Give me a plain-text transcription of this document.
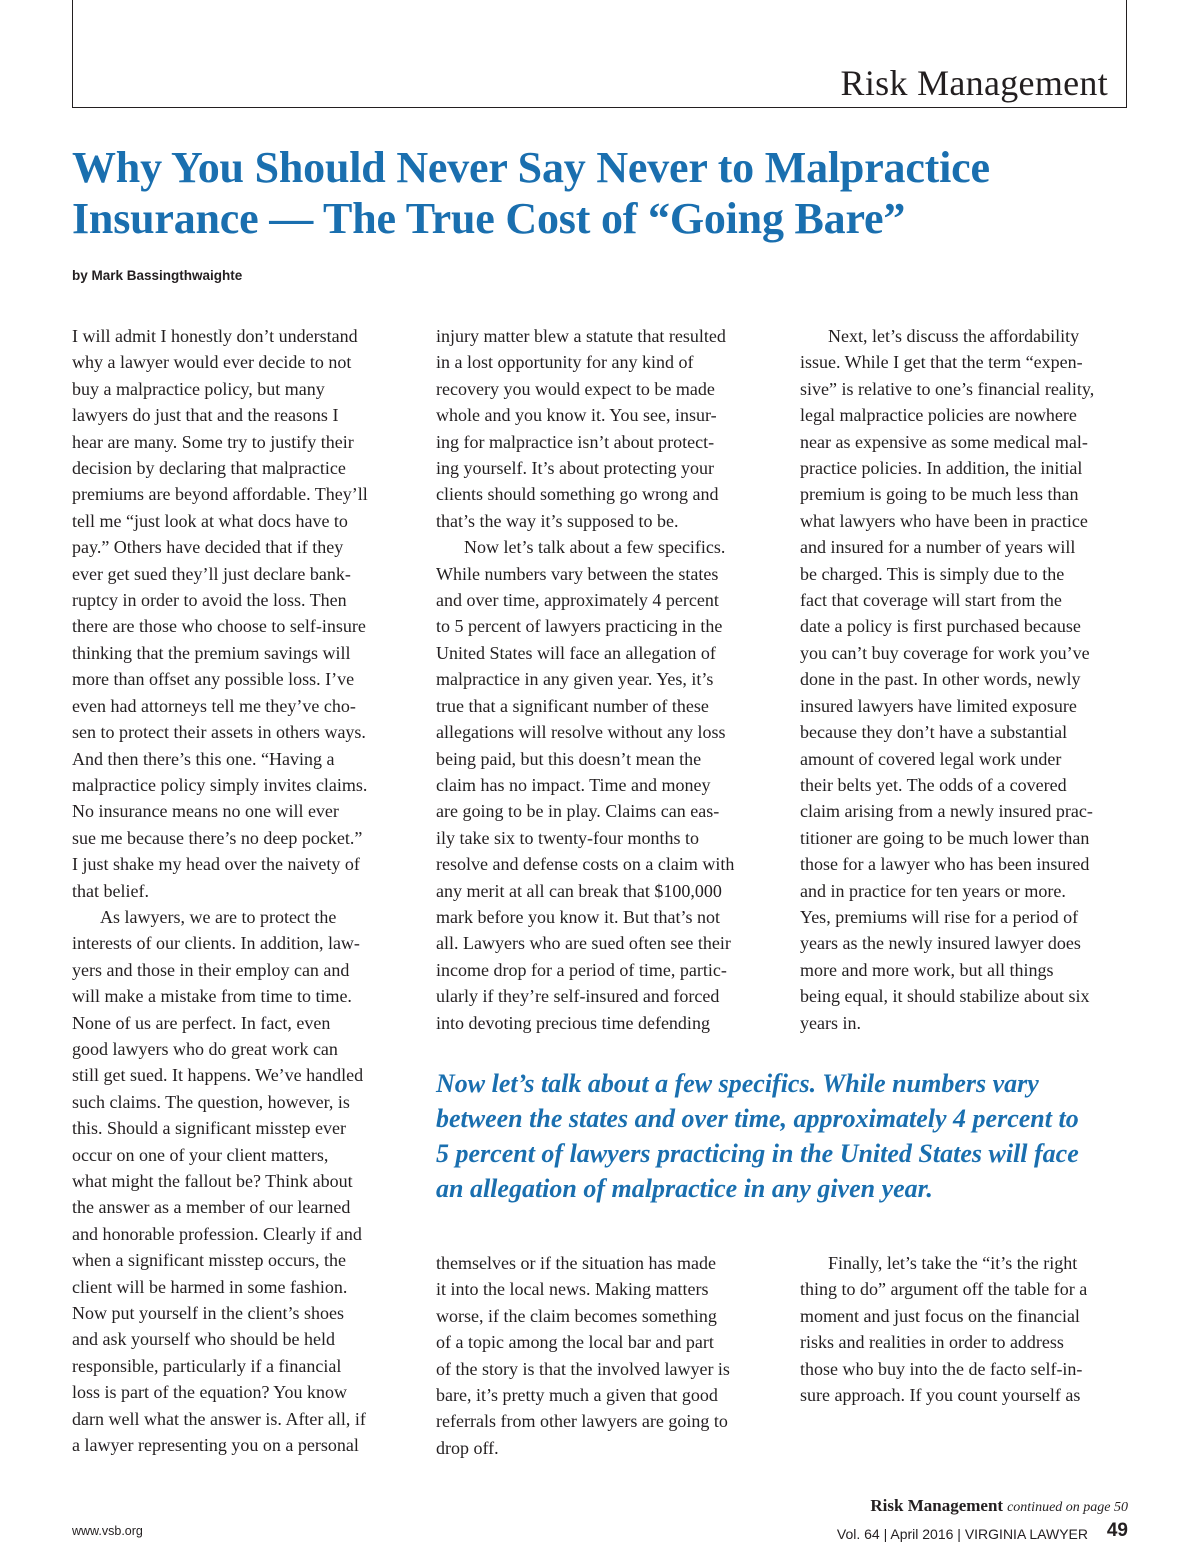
Risk Management
Why You Should Never Say Never to Malpractice
Insurance — The True Cost of “Going Bare”
by Mark Bassingthwaighte
I will admit I honestly don’t understand
why a lawyer would ever decide to not
buy a malpractice policy, but many
lawyers do just that and the reasons I
hear are many. Some try to justify their
decision by declaring that malpractice
premiums are beyond affordable. They’ll
tell me “just look at what docs have to
pay.” Others have decided that if they
ever get sued they’ll just declare bank-
ruptcy in order to avoid the loss. Then
there are those who choose to self-insure
thinking that the premium savings will
more than offset any possible loss. I’ve
even had attorneys tell me they’ve cho-
sen to protect their assets in others ways.
And then there’s this one. “Having a
malpractice policy simply invites claims.
No insurance means no one will ever
sue me because there’s no deep pocket.”
I just shake my head over the naivety of
that belief.
As lawyers, we are to protect the
interests of our clients. In addition, law-
yers and those in their employ can and
will make a mistake from time to time.
None of us are perfect. In fact, even
good lawyers who do great work can
still get sued. It happens. We’ve handled
such claims. The question, however, is
this. Should a significant misstep ever
occur on one of your client matters,
what might the fallout be? Think about
the answer as a member of our learned
and honorable profession. Clearly if and
when a significant misstep occurs, the
client will be harmed in some fashion.
Now put yourself in the client’s shoes
and ask yourself who should be held
responsible, particularly if a financial
loss is part of the equation? You know
darn well what the answer is. After all, if
a lawyer representing you on a personal
injury matter blew a statute that resulted
in a lost opportunity for any kind of
recovery you would expect to be made
whole and you know it. You see, insur-
ing for malpractice isn’t about protect-
ing yourself. It’s about protecting your
clients should something go wrong and
that’s the way it’s supposed to be.
Now let’s talk about a few specifics.
While numbers vary between the states
and over time, approximately 4 percent
to 5 percent of lawyers practicing in the
United States will face an allegation of
malpractice in any given year. Yes, it’s
true that a significant number of these
allegations will resolve without any loss
being paid, but this doesn’t mean the
claim has no impact. Time and money
are going to be in play. Claims can eas-
ily take six to twenty-four months to
resolve and defense costs on a claim with
any merit at all can break that $100,000
mark before you know it. But that’s not
all. Lawyers who are sued often see their
income drop for a period of time, partic-
ularly if they’re self-insured and forced
into devoting precious time defending
Next, let’s discuss the affordability
issue. While I get that the term “expen-
sive” is relative to one’s financial reality,
legal malpractice policies are nowhere
near as expensive as some medical mal-
practice policies. In addition, the initial
premium is going to be much less than
what lawyers who have been in practice
and insured for a number of years will
be charged. This is simply due to the
fact that coverage will start from the
date a policy is first purchased because
you can’t buy coverage for work you’ve
done in the past. In other words, newly
insured lawyers have limited exposure
because they don’t have a substantial
amount of covered legal work under
their belts yet. The odds of a covered
claim arising from a newly insured prac-
titioner are going to be much lower than
those for a lawyer who has been insured
and in practice for ten years or more.
Yes, premiums will rise for a period of
years as the newly insured lawyer does
more and more work, but all things
being equal, it should stabilize about six
years in.
Now let’s talk about a few specifics. While numbers vary
between the states and over time, approximately 4 percent to
5 percent of lawyers practicing in the United States will face
an allegation of malpractice in any given year.
themselves or if the situation has made
it into the local news. Making matters
worse, if the claim becomes something
of a topic among the local bar and part
of the story is that the involved lawyer is
bare, it’s pretty much a given that good
referrals from other lawyers are going to
drop off.
Finally, let’s take the “it’s the right
thing to do” argument off the table for a
moment and just focus on the financial
risks and realities in order to address
those who buy into the de facto self-in-
sure approach. If you count yourself as
Risk Management continued on page 50
www.vsb.org	Vol. 64 | April 2016 | VIRGINIA LAWYER 49
